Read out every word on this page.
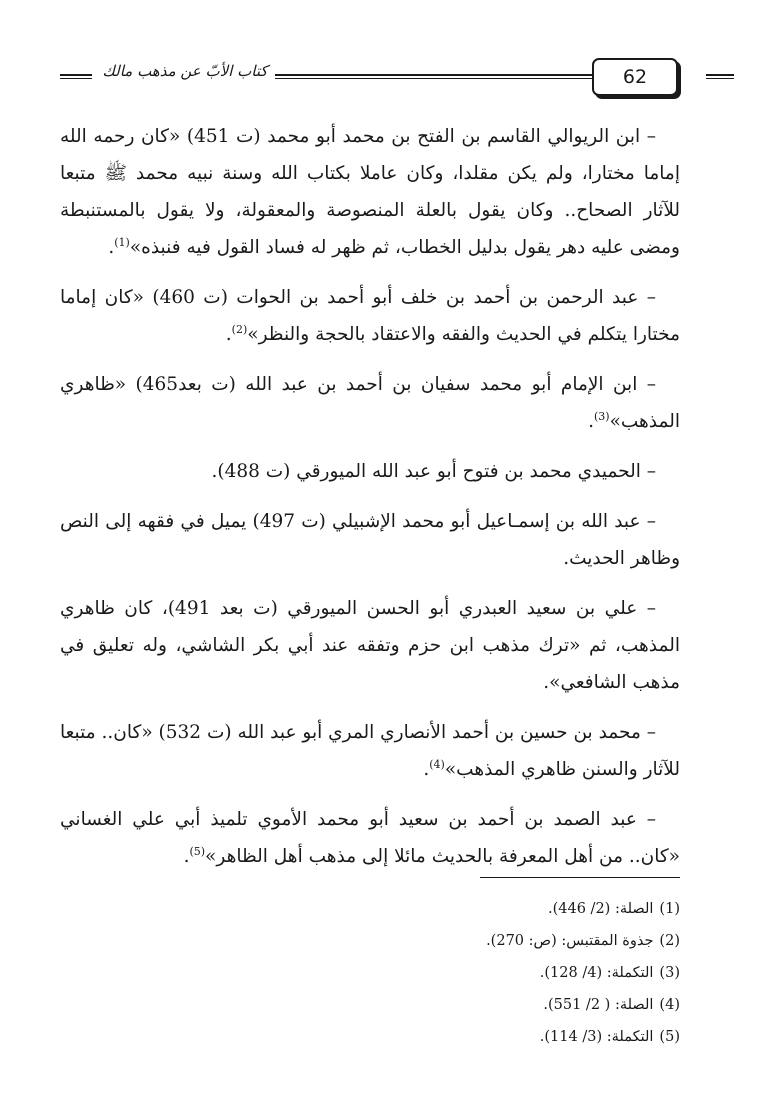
كتاب الأبّ عن مذهب مالك	62

– ابن الريوالي القاسم بن الفتح بن محمد أبو محمد (ت 451) «كان رحمه الله إماما مختارا، ولم يكن مقلدا، وكان عاملا بكتاب الله وسنة نبيه محمد ﷺ متبعا للآثار الصحاح.. وكان يقول بالعلة المنصوصة والمعقولة، ولا يقول بالمستنبطة ومضى عليه دهر يقول بدليل الخطاب، ثم ظهر له فساد القول فيه فنبذه»$^{(1)}$ .

– عبد الرحمن بن أحمد بن خلف أبو أحمد بن الحوات (ت 460) «كان إماما مختارا يتكلم في الحديث والفقه والاعتقاد بالحجة والنظر»$^{(2)}$ .

– ابن الإمام أبو محمد سفيان بن أحمد بن عبد الله (ت بعد465) «ظاهري المذهب»$^{(3)}$ .

– الحميدي محمد بن فتوح أبو عبد الله الميورقي (ت 488).

– عبد الله بن إسمـاعيل أبو محمد الإشبيلي (ت 497) يميل في فقهه إلى النص وظاهر الحديث.

– علي بن سعيد العبدري أبو الحسن الميورقي (ت بعد 491)، كان ظاهري المذهب، ثم «ترك مذهب ابن حزم وتفقه عند أبي بكر الشاشي، وله تعليق في مذهب الشافعي».

– محمد بن حسين بن أحمد الأنصاري المري أبو عبد الله (ت 532) «كان.. متبعا للآثار والسنن ظاهري المذهب»$^{(4)}$ .

– عبد الصمد بن أحمد بن سعيد أبو محمد الأموي تلميذ أبي علي الغساني «كان.. من أهل المعرفة بالحديث مائلا إلى مذهب أهل الظاهر»$^{(5)}$ .

(1)الصلة: (2/ 446).
(2)جذوة المقتبس: (ص: 270).
(3)التكملة: (4/ 128).
(4)الصلة: ( 2/ 551).
(5)التكملة: (3/ 114).
